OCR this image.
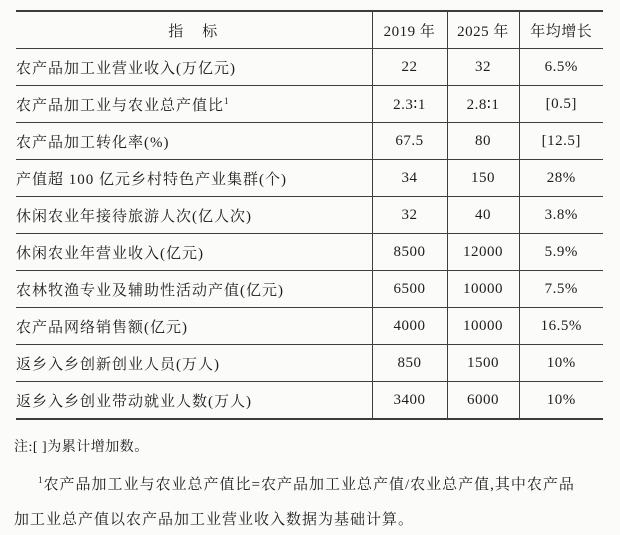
指　标	2019 年	2025 年	年均增长
农产品加工业营业收入(万亿元)	22	32	6.5%
农产品加工业与农业总产值比$^1$	2.3∶1	2.8∶1	[0.5]
农产品加工转化率(%)	67.5	80	[12.5]
产值超 100 亿元乡村特色产业集群(个)	34	150	28%
休闲农业年接待旅游人次(亿人次)	32	40	3.8%
休闲农业年营业收入(亿元)	8500	12000	5.9%
农林牧渔专业及辅助性活动产值(亿元)	6500	10000	7.5%
农产品网络销售额(亿元)	4000	10000	16.5%
返乡入乡创新创业人员(万人)	850	1500	10%
返乡入乡创业带动就业人数(万人)	3400	6000	10%

注:[ ]为累计增加数。

$^1$农产品加工业与农业总产值比=农产品加工业总产值/农业总产值,其中农产品

加工业总产值以农产品加工业营业收入数据为基础计算。
